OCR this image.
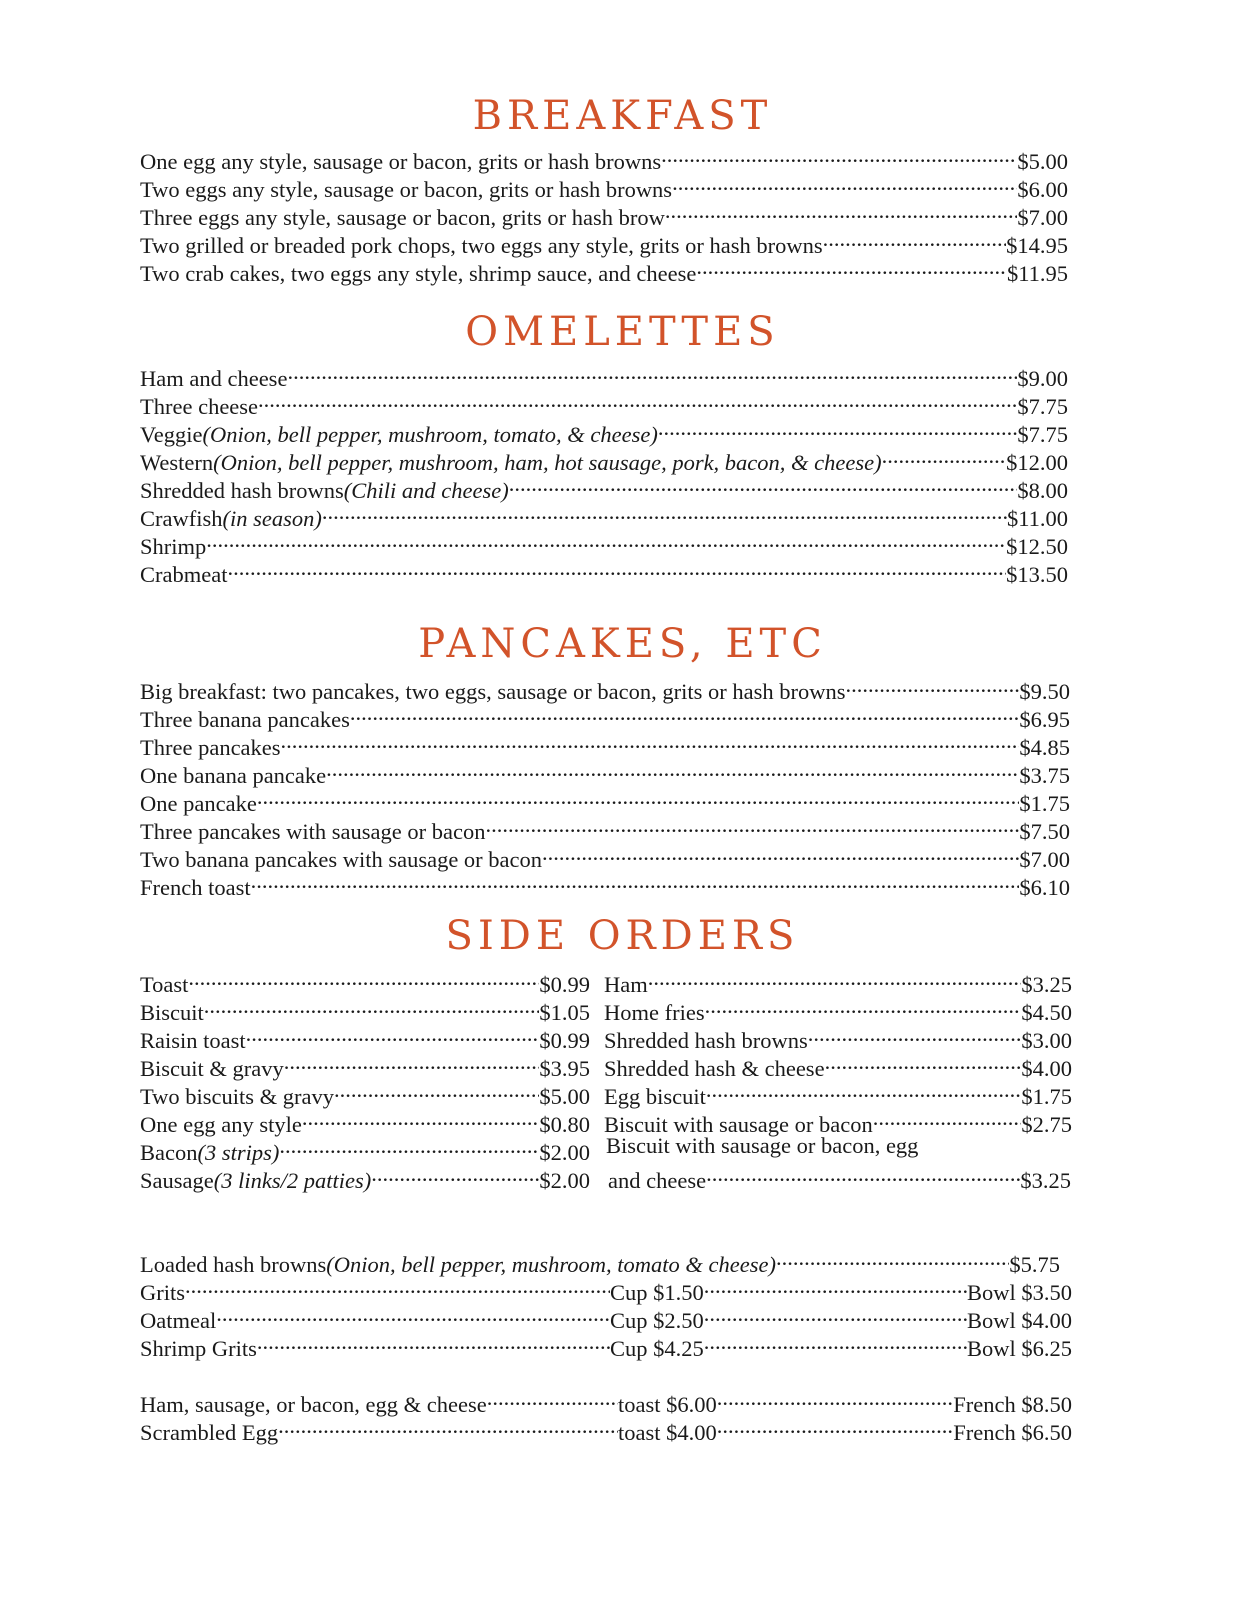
BREAKFAST
One egg any style, sausage or bacon, grits or hash browns .....	$5.00
Two eggs any style, sausage or bacon, grits or hash browns .....	$6.00
Three eggs any style, sausage or bacon, grits or hash brow .....	$7.00
Two grilled or breaded pork chops, two eggs any style, grits or hash browns .....	$14.95
Two crab cakes, two eggs any style, shrimp sauce, and cheese .....	$11.95
OMELETTES
Ham and cheese .....	$9.00
Three cheese .....	$7.75
Veggie (Onion, bell pepper, mushroom, tomato, & cheese) .....	$7.75
Western (Onion, bell pepper, mushroom, ham, hot sausage, pork, bacon, & cheese) .....	$12.00
Shredded hash browns (Chili and cheese) .....	$8.00
Crawfish (in season) .....	$11.00
Shrimp .....	$12.50
Crabmeat .....	$13.50
PANCAKES, ETC
Big breakfast: two pancakes, two eggs, sausage or bacon, grits or hash browns .....	$9.50
Three banana pancakes .....	$6.95
Three pancakes .....	$4.85
One banana pancake .....	$3.75
One pancake .....	$1.75
Three pancakes with sausage or bacon .....	$7.50
Two banana pancakes with sausage or bacon .....	$7.00
French toast .....	$6.10
SIDE ORDERS
Toast .....	$0.99
Biscuit .....	$1.05
Raisin toast .....	$0.99
Biscuit & gravy .....	$3.95
Two biscuits & gravy .....	$5.00
One egg any style .....	$0.80
Bacon (3 strips) .....	$2.00
Sausage (3 links/2 patties) .....	$2.00
Ham .....	$3.25
Home fries .....	$4.50
Shredded hash browns .....	$3.00
Shredded hash & cheese .....	$4.00
Egg biscuit .....	$1.75
Biscuit with sausage or bacon .....	$2.75
Biscuit with sausage or bacon, egg
and cheese .....	$3.25
Loaded hash browns (Onion, bell pepper, mushroom, tomato & cheese) .....	$5.75
Grits .....	Cup $1.50 .....	Bowl $3.50
Oatmeal .....	Cup $2.50 .....	Bowl $4.00
Shrimp Grits .....	Cup $4.25 .....	Bowl $6.25
Ham, sausage, or bacon, egg & cheese .....	toast $6.00 .....	French $8.50
Scrambled Egg .....	toast $4.00 .....	French $6.50
